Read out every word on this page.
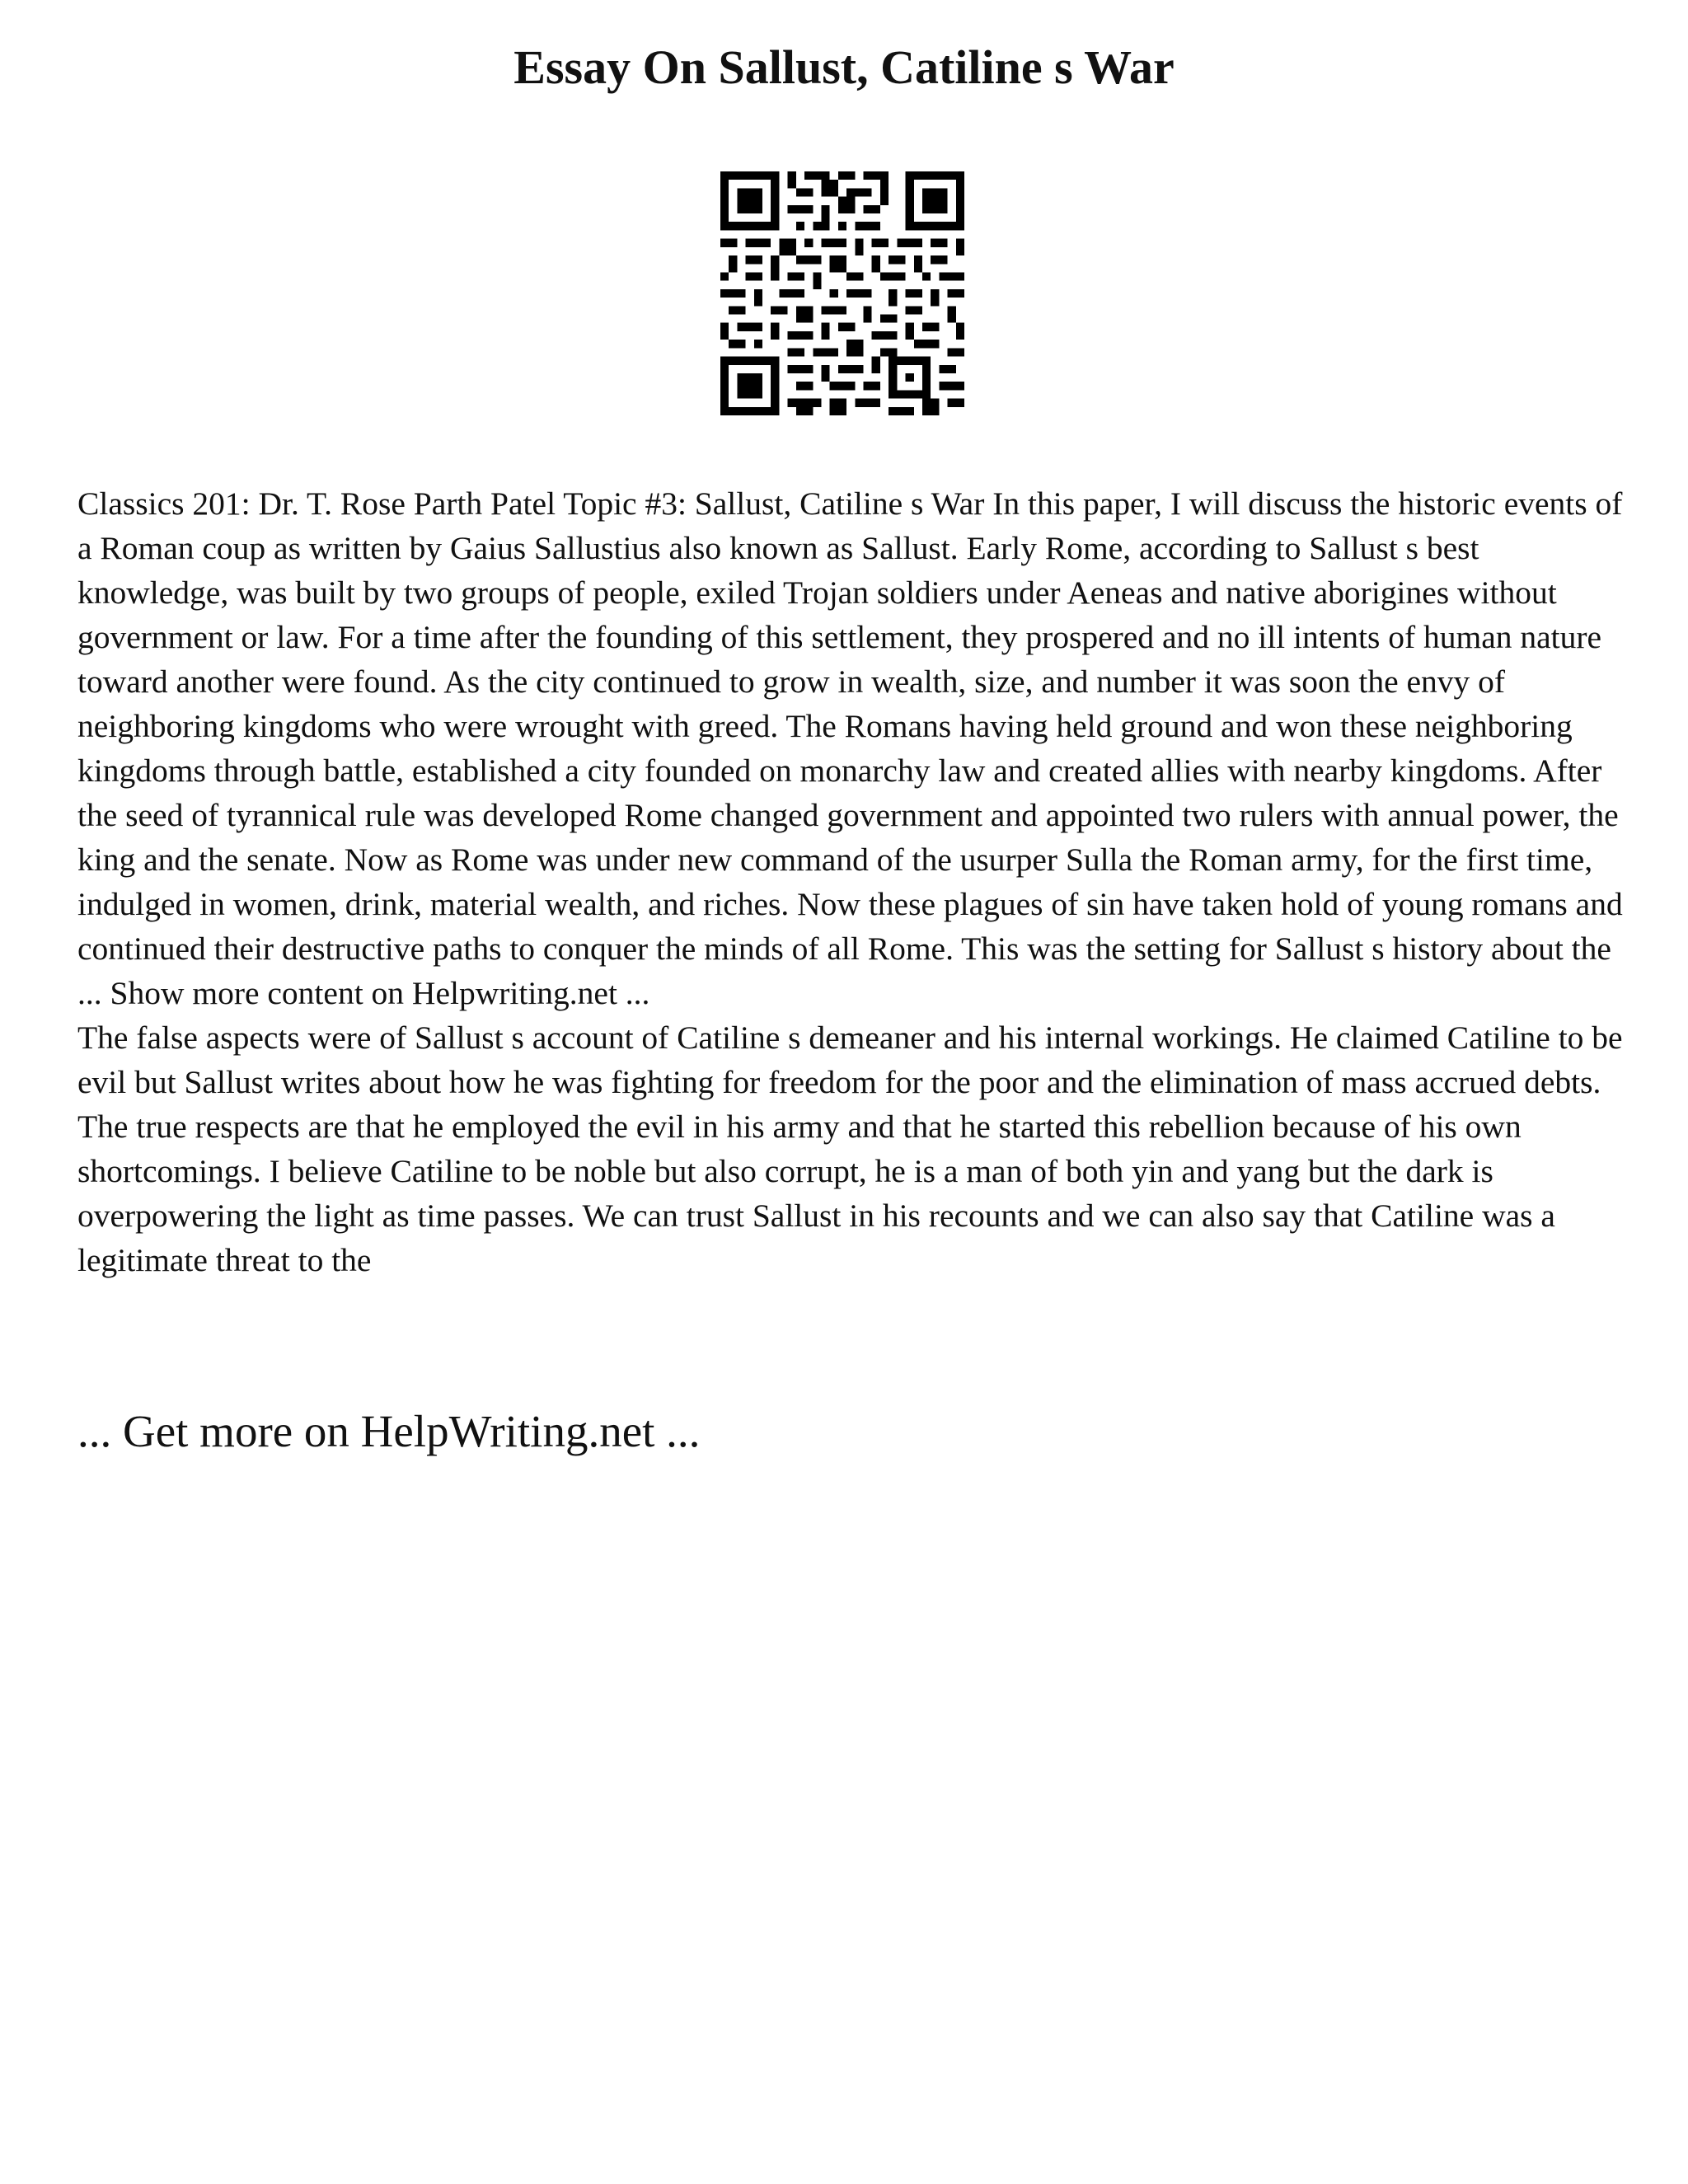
Essay On Sallust, Catiline s War

Classics 201: Dr. T. Rose Parth Patel Topic #3: Sallust, Catiline s War In this paper, I will discuss the historic events of a Roman coup as written by Gaius Sallustius also known as Sallust. Early Rome, according to Sallust s best knowledge, was built by two groups of people, exiled Trojan soldiers under Aeneas and native aborigines without government or law. For a time after the founding of this settlement, they prospered and no ill intents of human nature toward another were found. As the city continued to grow in wealth, size, and number it was soon the envy of neighboring kingdoms who were wrought with greed. The Romans having held ground and won these neighboring kingdoms through battle, established a city founded on monarchy law and created allies with nearby kingdoms. After the seed of tyrannical rule was developed Rome changed government and appointed two rulers with annual power, the king and the senate. Now as Rome was under new command of the usurper Sulla the Roman army, for the first time, indulged in women, drink, material wealth, and riches. Now these plagues of sin have taken hold of young romans and continued their destructive paths to conquer the minds of all Rome. This was the setting for Sallust s history about the ... Show more content on Helpwriting.net ...

The false aspects were of Sallust s account of Catiline s demeaner and his internal workings. He claimed Catiline to be evil but Sallust writes about how he was fighting for freedom for the poor and the elimination of mass accrued debts. The true respects are that he employed the evil in his army and that he started this rebellion because of his own shortcomings. I believe Catiline to be noble but also corrupt, he is a man of both yin and yang but the dark is overpowering the light as time passes. We can trust Sallust in his recounts and we can also say that Catiline was a legitimate threat to the

... Get more on HelpWriting.net ...
